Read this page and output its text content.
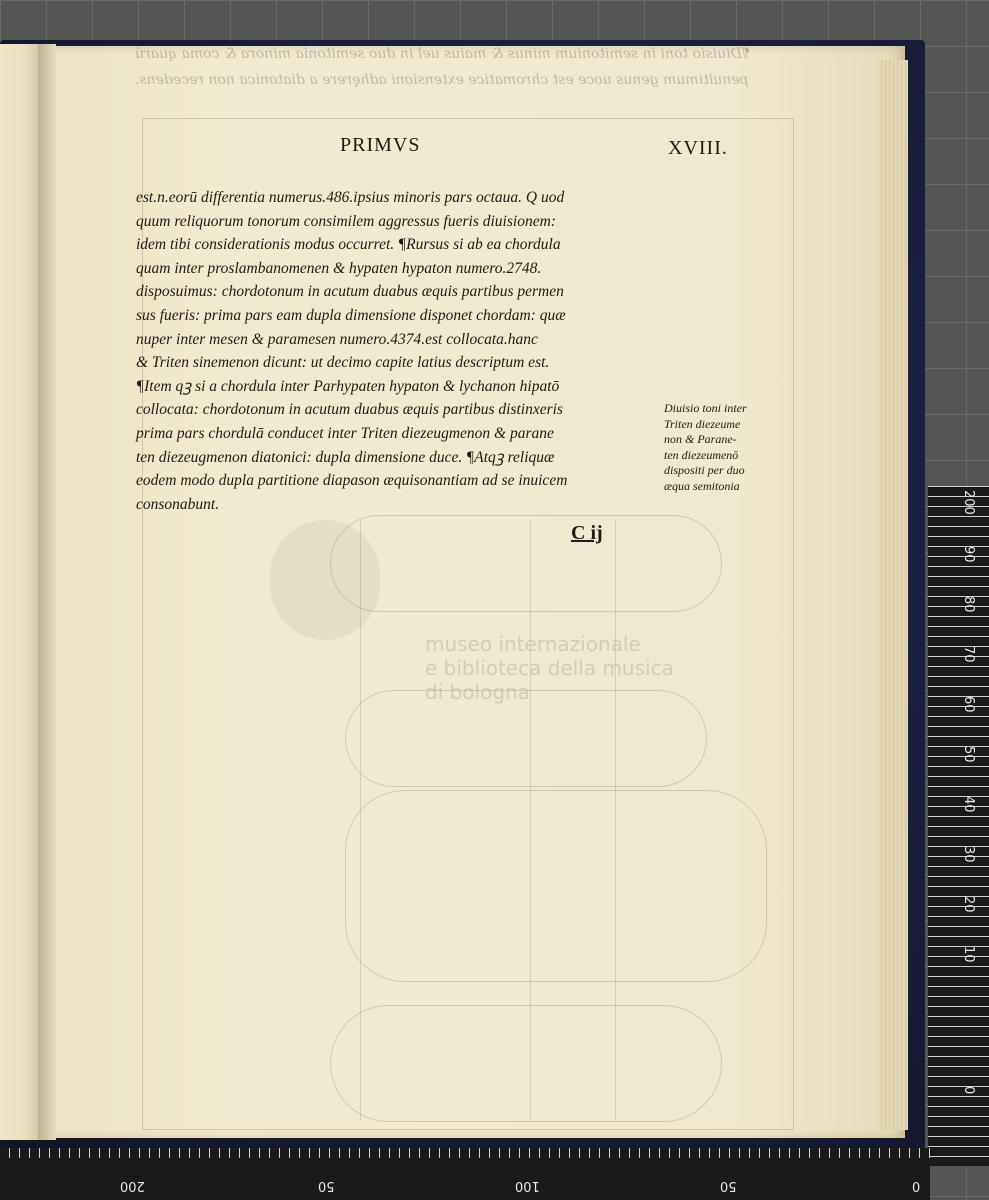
¶Diuisio toni in semitonium minus & maius uel in duo semitonia minora & coma quarū
penultimum genus uoce est chromatice extensioni adhęrere a diatonica non recedens.
museo internazionale
e biblioteca della musica
di bologna
PRIMVS	XVIII.
est.n.eorū differentia numerus.486.ipsius minoris pars octaua. Q uod
quum reliquorum tonorum consimilem aggressus fueris diuisionem:
idem tibi considerationis modus occurret. ¶Rursus si ab ea chordula
quam inter proslambanomenen & hypaten hypaton numero.2748.
disposuimus: chordotonum in acutum duabus æquis partibus permen
sus fueris: prima pars eam dupla dimensione disponet chordam: quæ
nuper inter mesen & paramesen numero.4374.est collocata.hanc
& Triten sinemenon dicunt: ut decimo capite latius descriptum est.
¶Item qꝫ si a chordula inter Parhypaten hypaton & lychanon hipatō
collocata: chordotonum in acutum duabus æquis partibus distinxeris
prima pars chordulā conducet inter Triten diezeugmenon & parane
ten diezeugmenon diatonici: dupla dimensione duce. ¶Atqꝫ reliquæ
eodem modo dupla partitione diapason æquisonantiam ad se inuicem
consonabunt.
Diuisio toni inter
Triten diezeume
non & Parane-
ten diezeumenō
dispositi per duo
æqua semitonia
C ij
200
90
80
70
60
50
40
30
20
10
0
200	50	100	50	0
